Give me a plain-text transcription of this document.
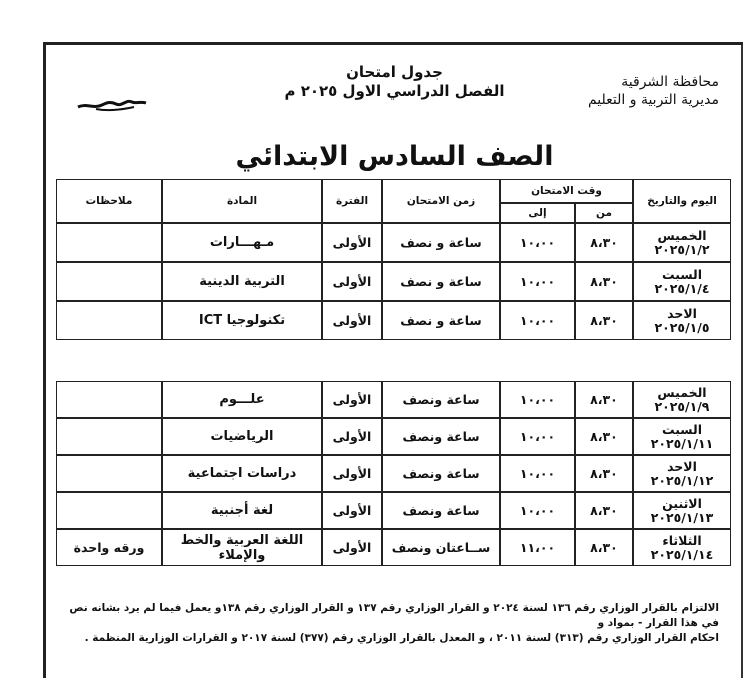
محافظة الشرقية
مديرية التربية و التعليم
جدول امتحان
الفصل الدراسي الاول ٢٠٢٥ م
الصف السادس الابتدائي
اليوم والتاريخ	وقت الامتحان		زمن الامتحان	الفترة	المادة	ملاحظات
	من	إلى				

الخميس
٢٠٢٥/١/٢	٨،٣٠	١٠،٠٠	ساعة و نصف	الأولى	مـهـــارات	

السبت
٢٠٢٥/١/٤	٨،٣٠	١٠،٠٠	ساعة و نصف	الأولى	التربية الدينية	

الاحد
٢٠٢٥/١/٥	٨،٣٠	١٠،٠٠	ساعة و نصف	الأولى	تكنولوجيا ICT	
الخميس
٢٠٢٥/١/٩	٨،٣٠	١٠،٠٠	ساعة ونصف	الأولى	علـــوم	

السبت
٢٠٢٥/١/١١	٨،٣٠	١٠،٠٠	ساعة ونصف	الأولى	الرياضيات	

الاحد
٢٠٢٥/١/١٢	٨،٣٠	١٠،٠٠	ساعة ونصف	الأولى	دراسات اجتماعية	

الاثنين
٢٠٢٥/١/١٣	٨،٣٠	١٠،٠٠	ساعة ونصف	الأولى	لغة أجنبية	

الثلاثاء
٢٠٢٥/١/١٤	٨،٣٠	١١،٠٠	ســاعتان ونصف	الأولى	اللغة العربية والخط والإملاء	ورقه واحدة
الالتزام بالقرار الوزاري رقم ١٣٦ لسنة ٢٠٢٤ و القرار الوزاري رقم ١٣٧ و القرار الوزاري رقم ١٣٨و يعمل فيما لم يرد بشانه نص في هذا القرار - بمواد و
احكام القرار الوزاري رقم (٣١٣) لسنة ٢٠١١ ، و المعدل بالقرار الوزاري رقم (٣٧٧) لسنة ٢٠١٧ و القرارات الوزارية المنظمة .
